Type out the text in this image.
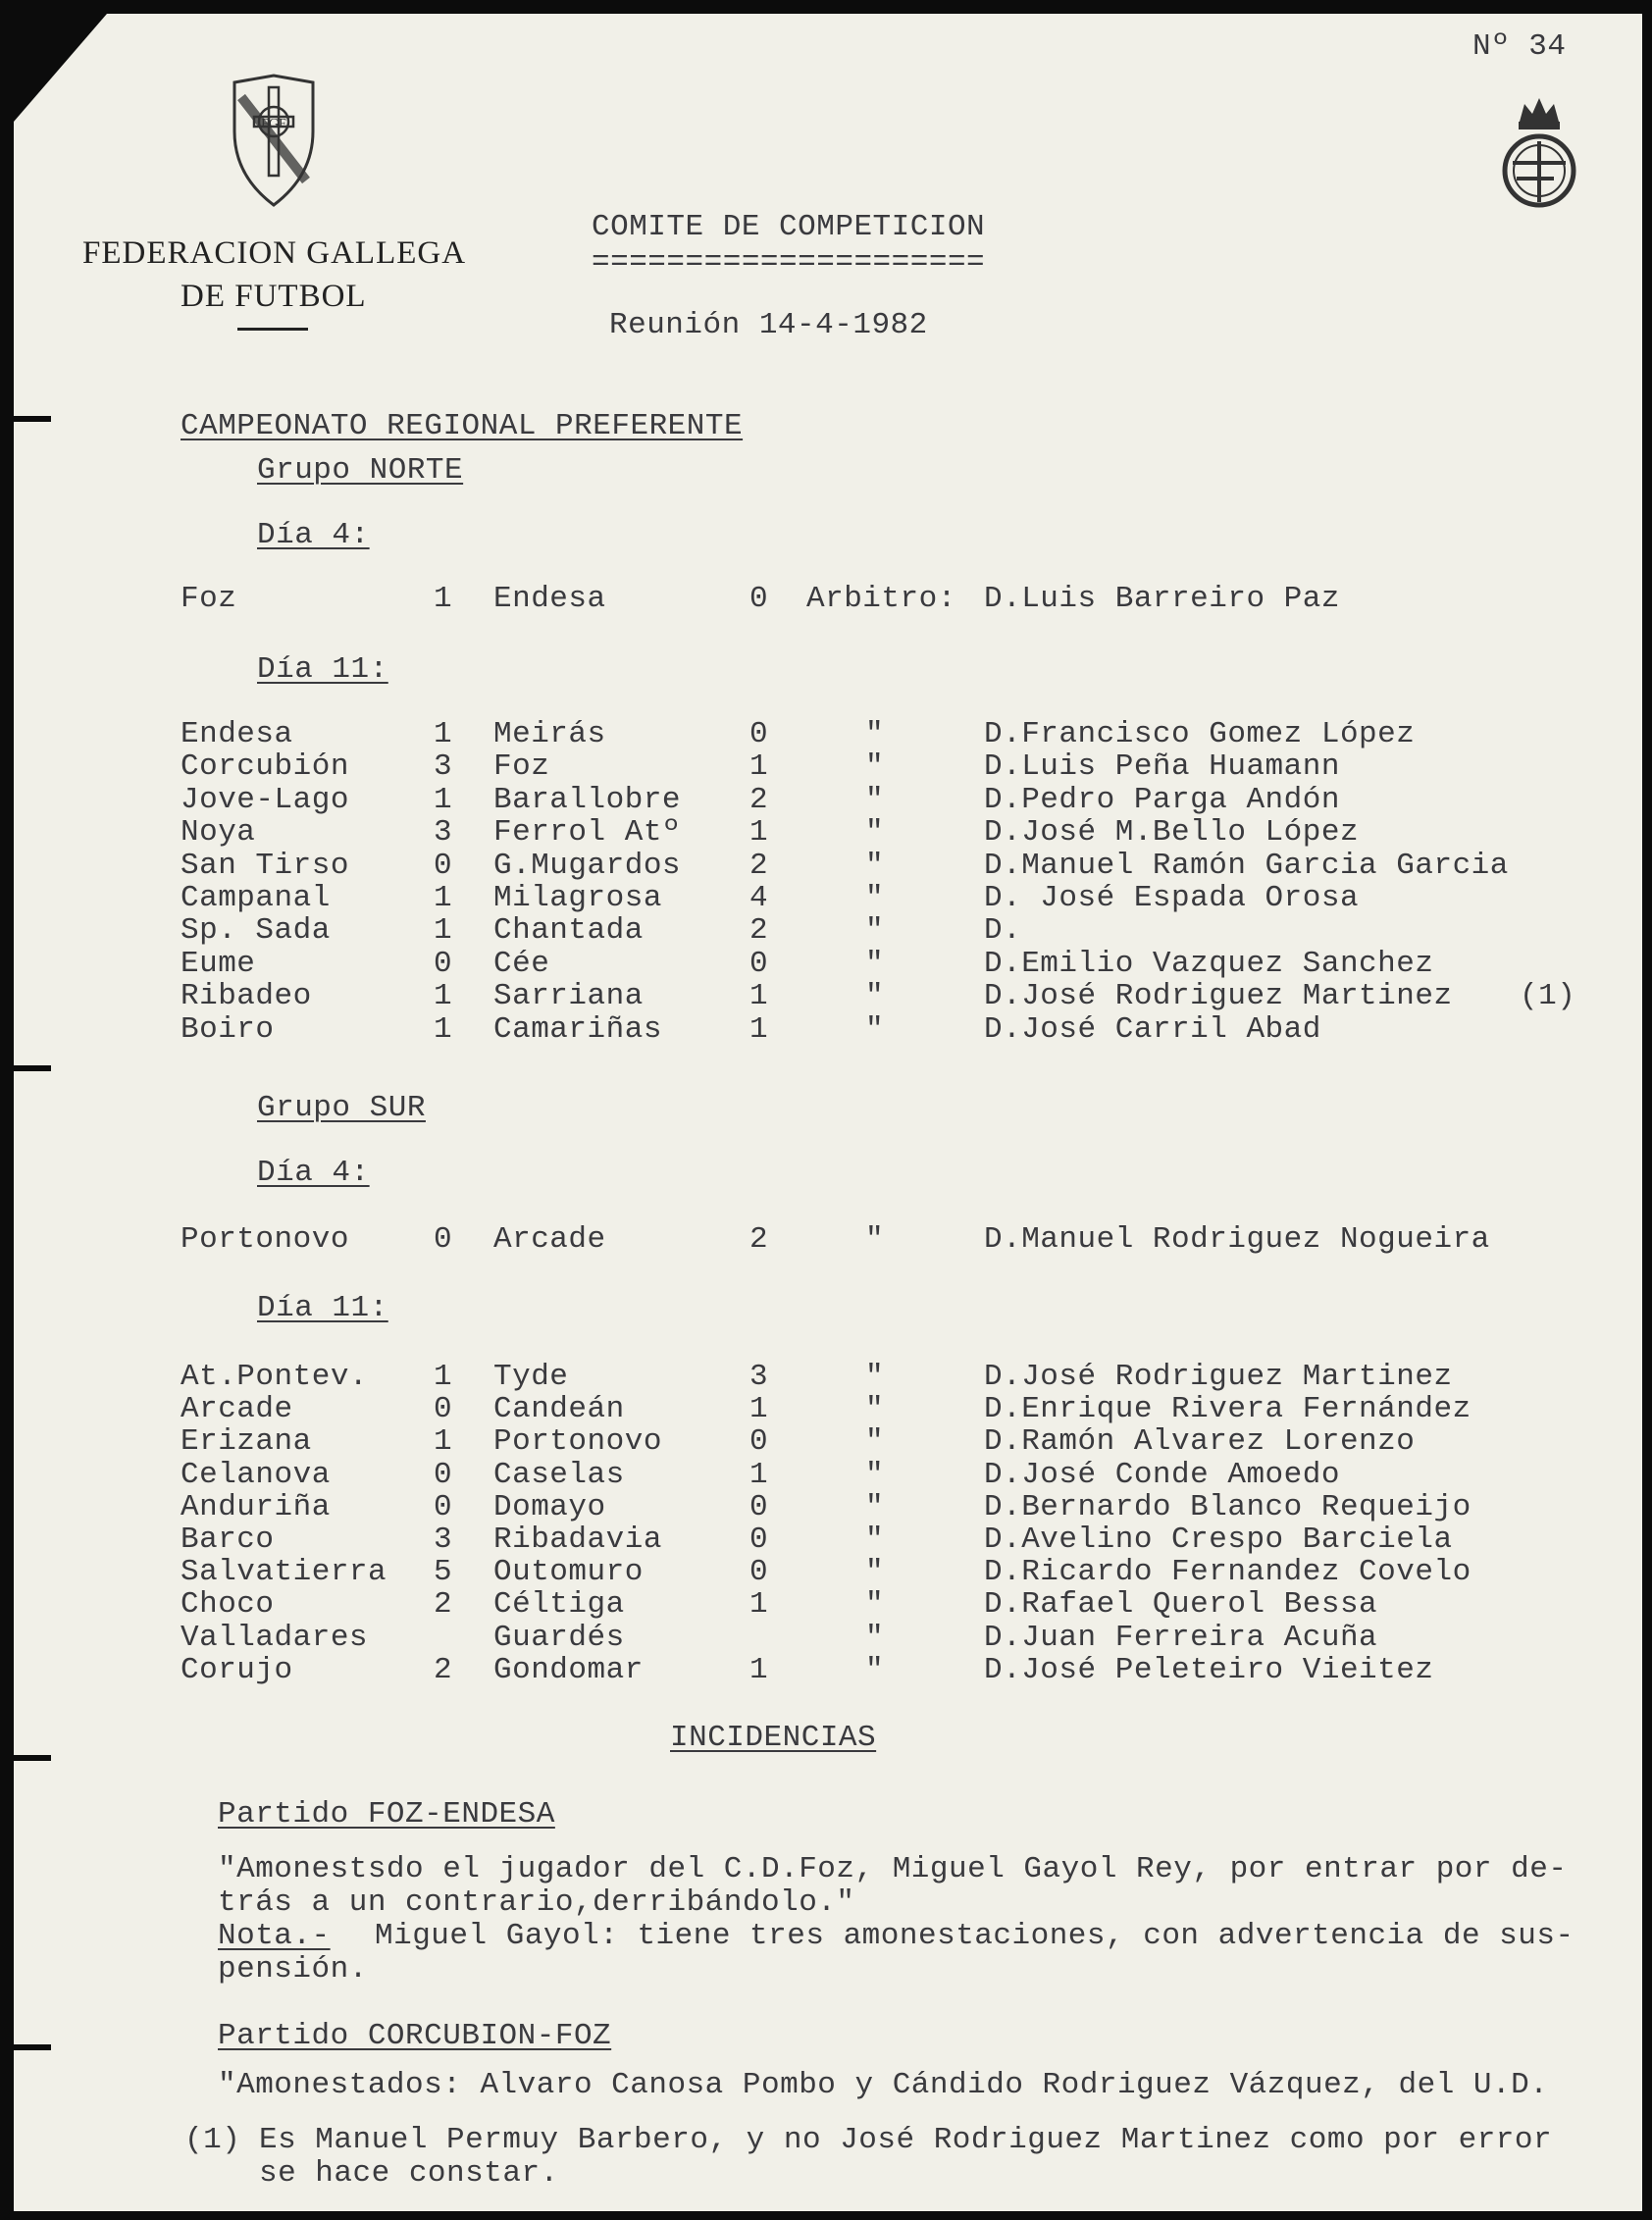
FGF
Nº 34
FEDERACION GALLEGA
DE FUTBOL
COMITE DE COMPETICION
=====================
Reunión 14-4-1982
CAMPEONATO REGIONAL PREFERENTE
Grupo NORTE
Día 4:
Foz	1 Endesa	0 Arbitro: D.Luis Barreiro Paz
Día 11:
Endesa	1 Meirás	0	"	D.Francisco Gomez López
Corcubión	3 Foz	1	"	D.Luis Peña Huamann
Jove-Lago	1 Barallobre 2	"	D.Pedro Parga Andón
Noya	3 Ferrol Atº 1	"	D.José M.Bello López
San Tirso	0 G.Mugardos 2	"	D.Manuel Ramón Garcia Garcia
Campanal	1 Milagrosa	4	"	D. José Espada Orosa
Sp. Sada	1 Chantada	2	"	D.
Eume	0 Cée	0	"	D.Emilio Vazquez Sanchez
Ribadeo	1 Sarriana	1	"	D.José Rodriguez Martinez (1)
Boiro	1 Camariñas	1	"	D.José Carril Abad
Grupo SUR
Día 4:
Portonovo	0 Arcade	2	"	D.Manuel Rodriguez Nogueira
Día 11:
At.Pontev. 1 Tyde	3	"	D.José Rodriguez Martinez
Arcade	0 Candeán	1	"	D.Enrique Rivera Fernández
Erizana	1 Portonovo	0	"	D.Ramón Alvarez Lorenzo
Celanova	0 Caselas	1	"	D.José Conde Amoedo
Anduriña	0 Domayo	0	"	D.Bernardo Blanco Requeijo
Barco	3 Ribadavia	0	"	D.Avelino Crespo Barciela
Salvatierra 5 Outomuro	0	"	D.Ricardo Fernandez Covelo
Choco	2 Céltiga	1	"	D.Rafael Querol Bessa
Valladares	Guardés	"	D.Juan Ferreira Acuña
Corujo	2 Gondomar	1	"	D.José Peleteiro Vieitez
INCIDENCIAS
Partido FOZ-ENDESA
"Amonestsdo el jugador del C.D.Foz, Miguel Gayol Rey, por entrar por de-
trás a un contrario,derribándolo."
Nota.- Miguel Gayol: tiene tres amonestaciones, con advertencia de sus-
pensión.
Partido CORCUBION-FOZ
"Amonestados: Alvaro Canosa Pombo y Cándido Rodriguez Vázquez, del U.D.
(1) Es Manuel Permuy Barbero, y no José Rodriguez Martinez como por error
se hace constar.
